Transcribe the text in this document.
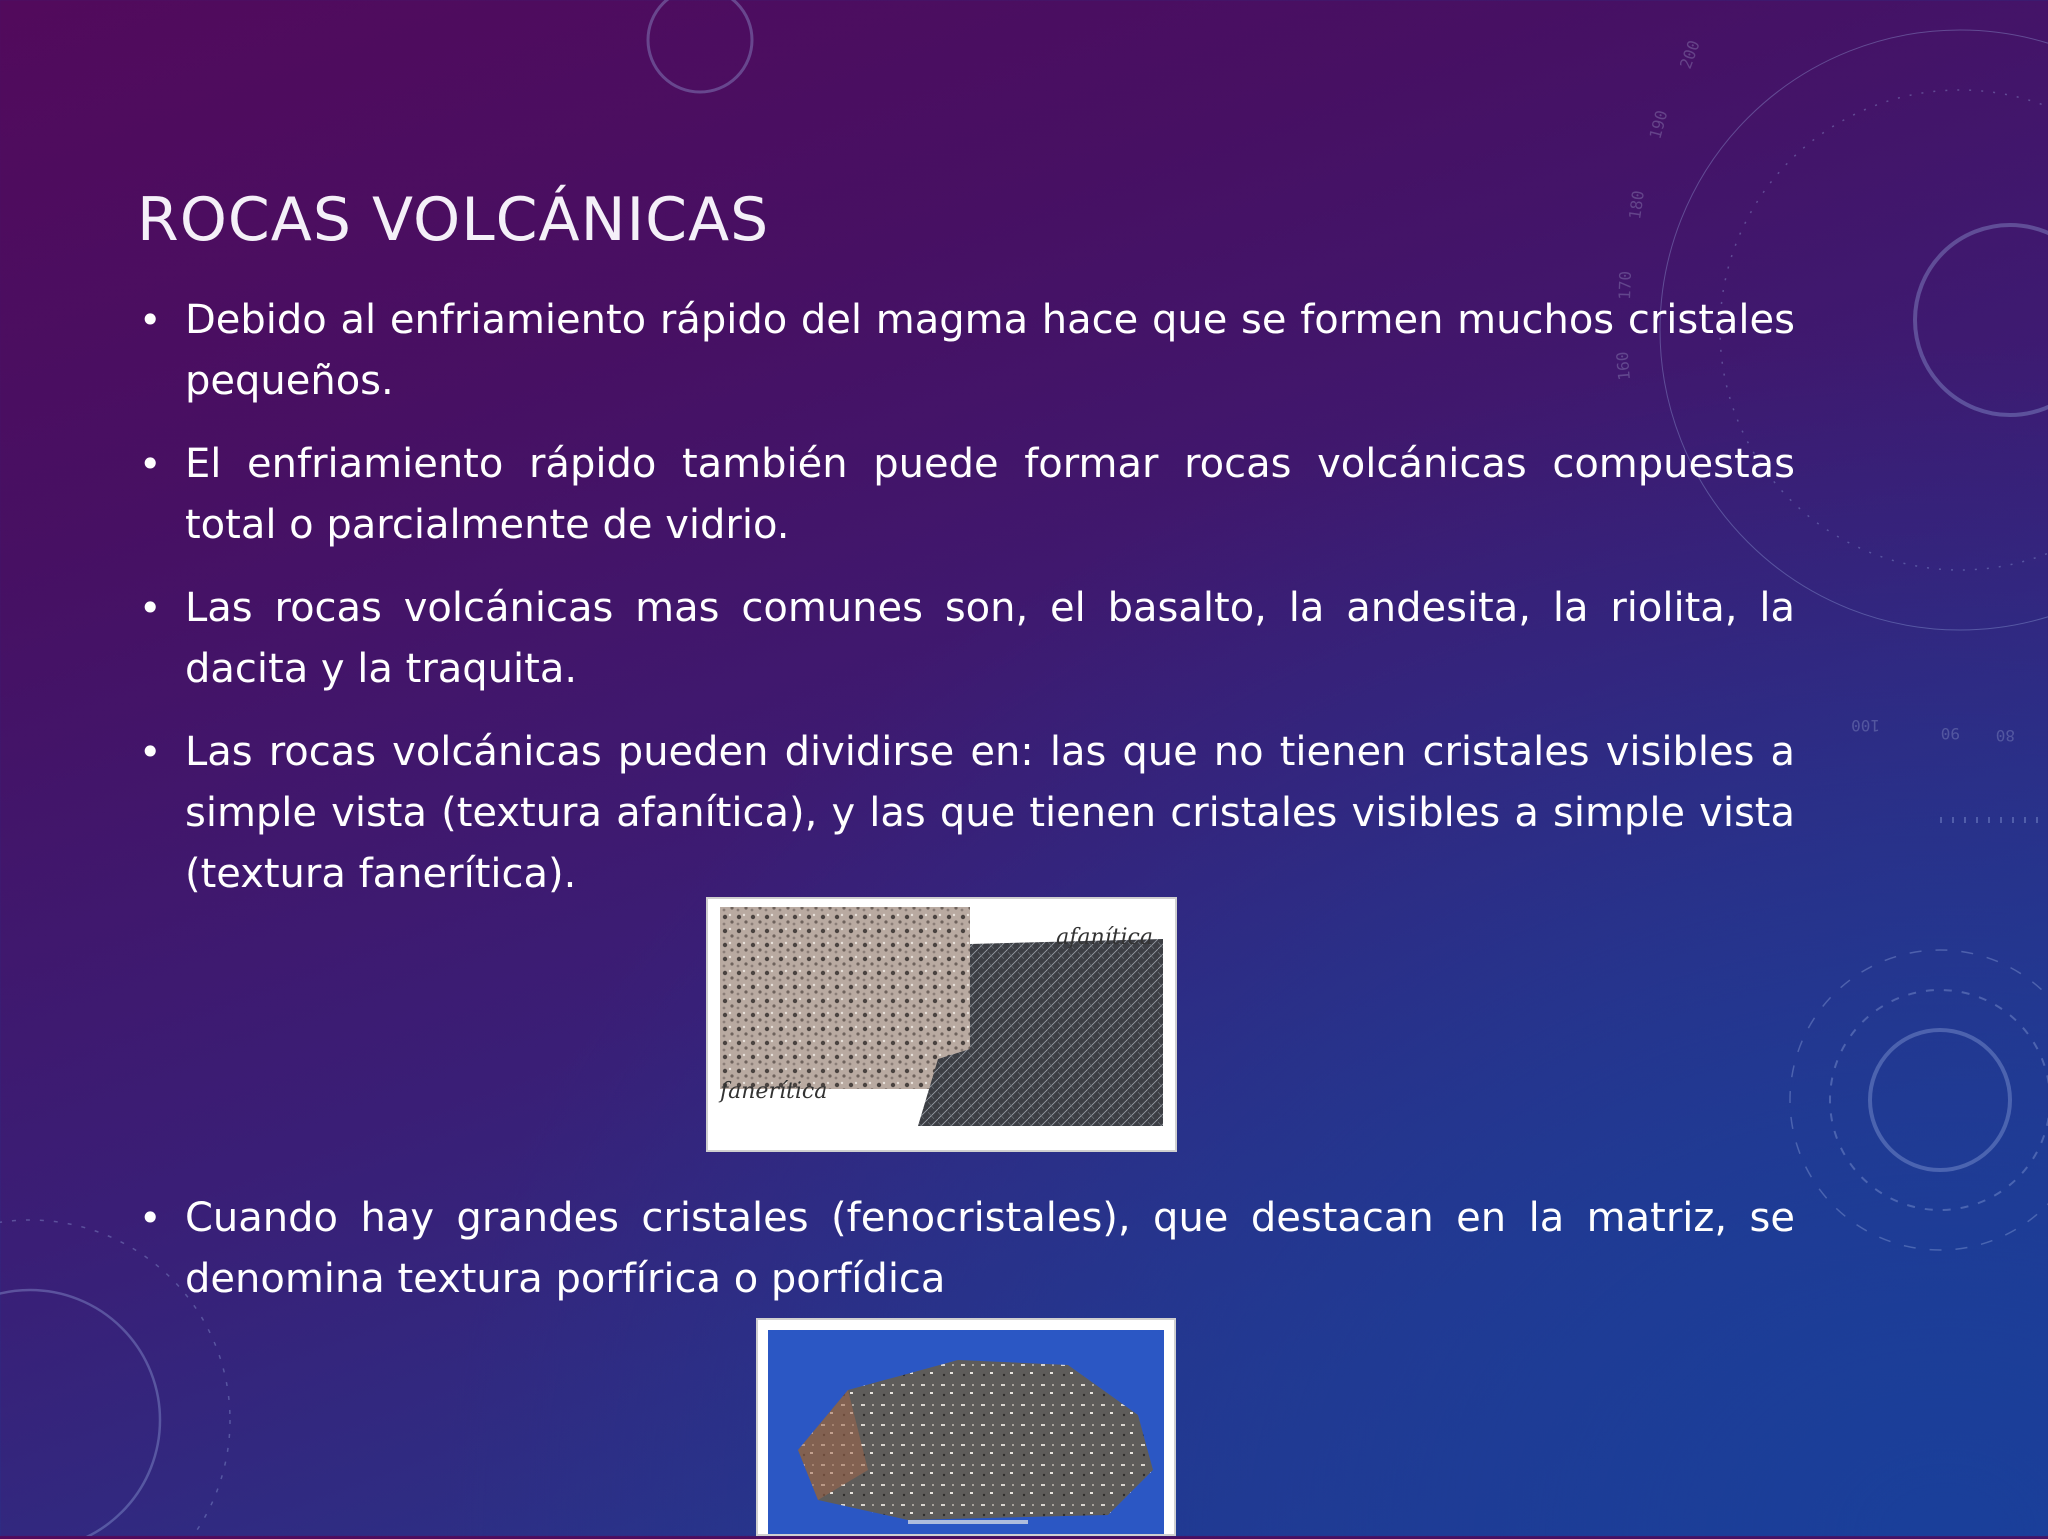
200
190
180
170
160
100	90 80
ROCAS VOLCÁNICAS

• Debido al enfriamiento rápido del magma hace que se formen muchos cristales pequeños.

• El enfriamiento rápido también puede formar rocas volcánicas compuestas total o parcialmente de vidrio.

• Las rocas volcánicas mas comunes son, el basalto, la andesita, la riolita, la dacita y la traquita.

• Las rocas volcánicas pueden dividirse en: las que no tienen cristales visibles a simple vista (textura afanítica), y las que tienen cristales visibles a simple vista (textura fanerítica).

afanítica
fanerítica

• Cuando hay grandes cristales (fenocristales), que destacan en la matriz, se denomina textura porfírica o porfídica
